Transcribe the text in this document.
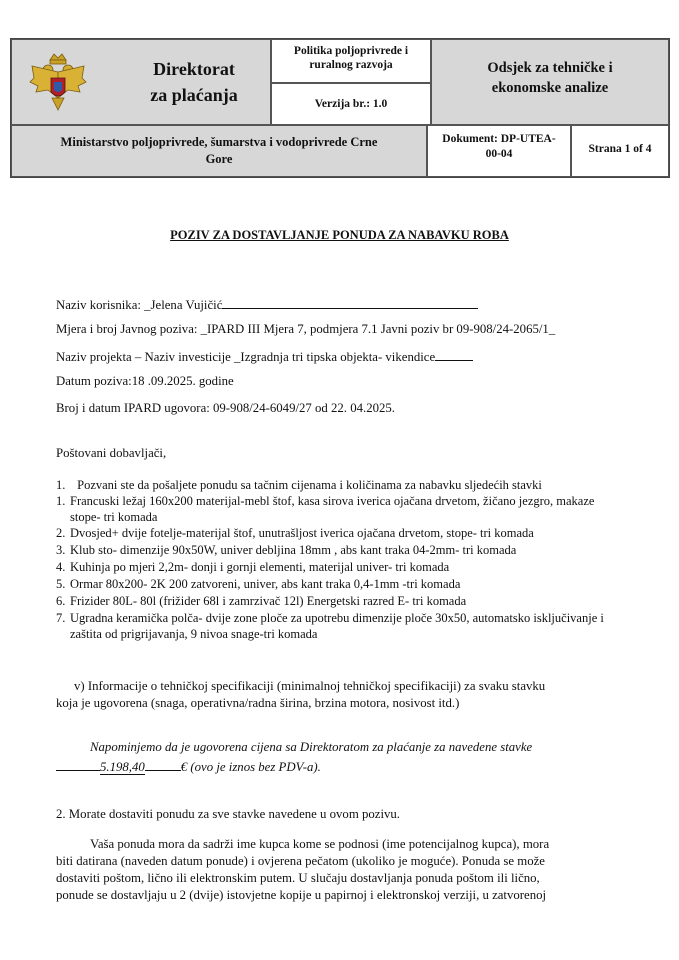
Direktorat
za plaćanja
Politika poljoprivrede i
ruralnog razvoja
Verzija br.: 1.0
Odsjek za tehničke i
ekonomske analize
Ministarstvo poljoprivrede, šumarstva i vodoprivrede Crne
Gore
Dokument: DP-UTEA-
00-04	Strana 1 of 4
POZIV ZA DOSTAVLJANJE PONUDA ZA NABAVKU ROBA
Naziv korisnika: _Jelena Vujičić
Mjera i broj Javnog poziva: _IPARD III Mjera 7, podmjera 7.1 Javni poziv br 09-908/24-2065/1_
Naziv projekta – Naziv investicije _Izgradnja tri tipska objekta- vikendice
Datum poziva:18 .09.2025. godine
Broj i datum IPARD ugovora: 09-908/24-6049/27 od 22. 04.2025.
Poštovani dobavljači,
1. Pozvani ste da pošaljete ponudu sa tačnim cijenama i količinama za nabavku sljedećih stavki
1. Francuski ležaj 160x200 materijal-mebl štof, kasa sirova iverica ojačana drvetom, žičano jezgro, makaze
stope- tri komada
2. Dvosjed+ dvije fotelje-materijal štof, unutrašljost iverica ojačana drvetom, stope- tri komada
3. Klub sto- dimenzije 90x50W, univer debljina 18mm , abs kant traka 04-2mm- tri komada
4. Kuhinja po mjeri 2,2m- donji i gornji elementi, materijal univer- tri komada
5. Ormar 80x200- 2K 200 zatvoreni, univer, abs kant traka 0,4-1mm -tri komada
6. Frizider 80L- 80l (frižider 68l i zamrzivač 12l) Energetski razred E- tri komada
7. Ugradna keramička polča- dvije zone ploče za upotrebu dimenzije ploče 30x50, automatsko isključivanje i
zaštita od prigrijavanja, 9 nivoa snage-tri komada
v) Informacije o tehničkoj specifikaciji (minimalnoj tehničkoj specifikaciji) za svaku stavku
koja je ugovorena (snaga, operativna/radna širina, brzina motora, nosivost itd.)
Napominjemo da je ugovorena cijena sa Direktoratom za plaćanje za navedene stavke
5.198,40	€ (ovo je iznos bez PDV-a).
2. Morate dostaviti ponudu za sve stavke navedene u ovom pozivu.
Vaša ponuda mora da sadrži ime kupca kome se podnosi (ime potencijalnog kupca), mora
biti datirana (naveden datum ponude) i ovjerena pečatom (ukoliko je moguće). Ponuda se može
dostaviti poštom, lično ili elektronskim putem. U slučaju dostavljanja ponuda poštom ili lično,
ponude se dostavljaju u 2 (dvije) istovjetne kopije u papirnoj i elektronskoj verziji, u zatvorenoj
